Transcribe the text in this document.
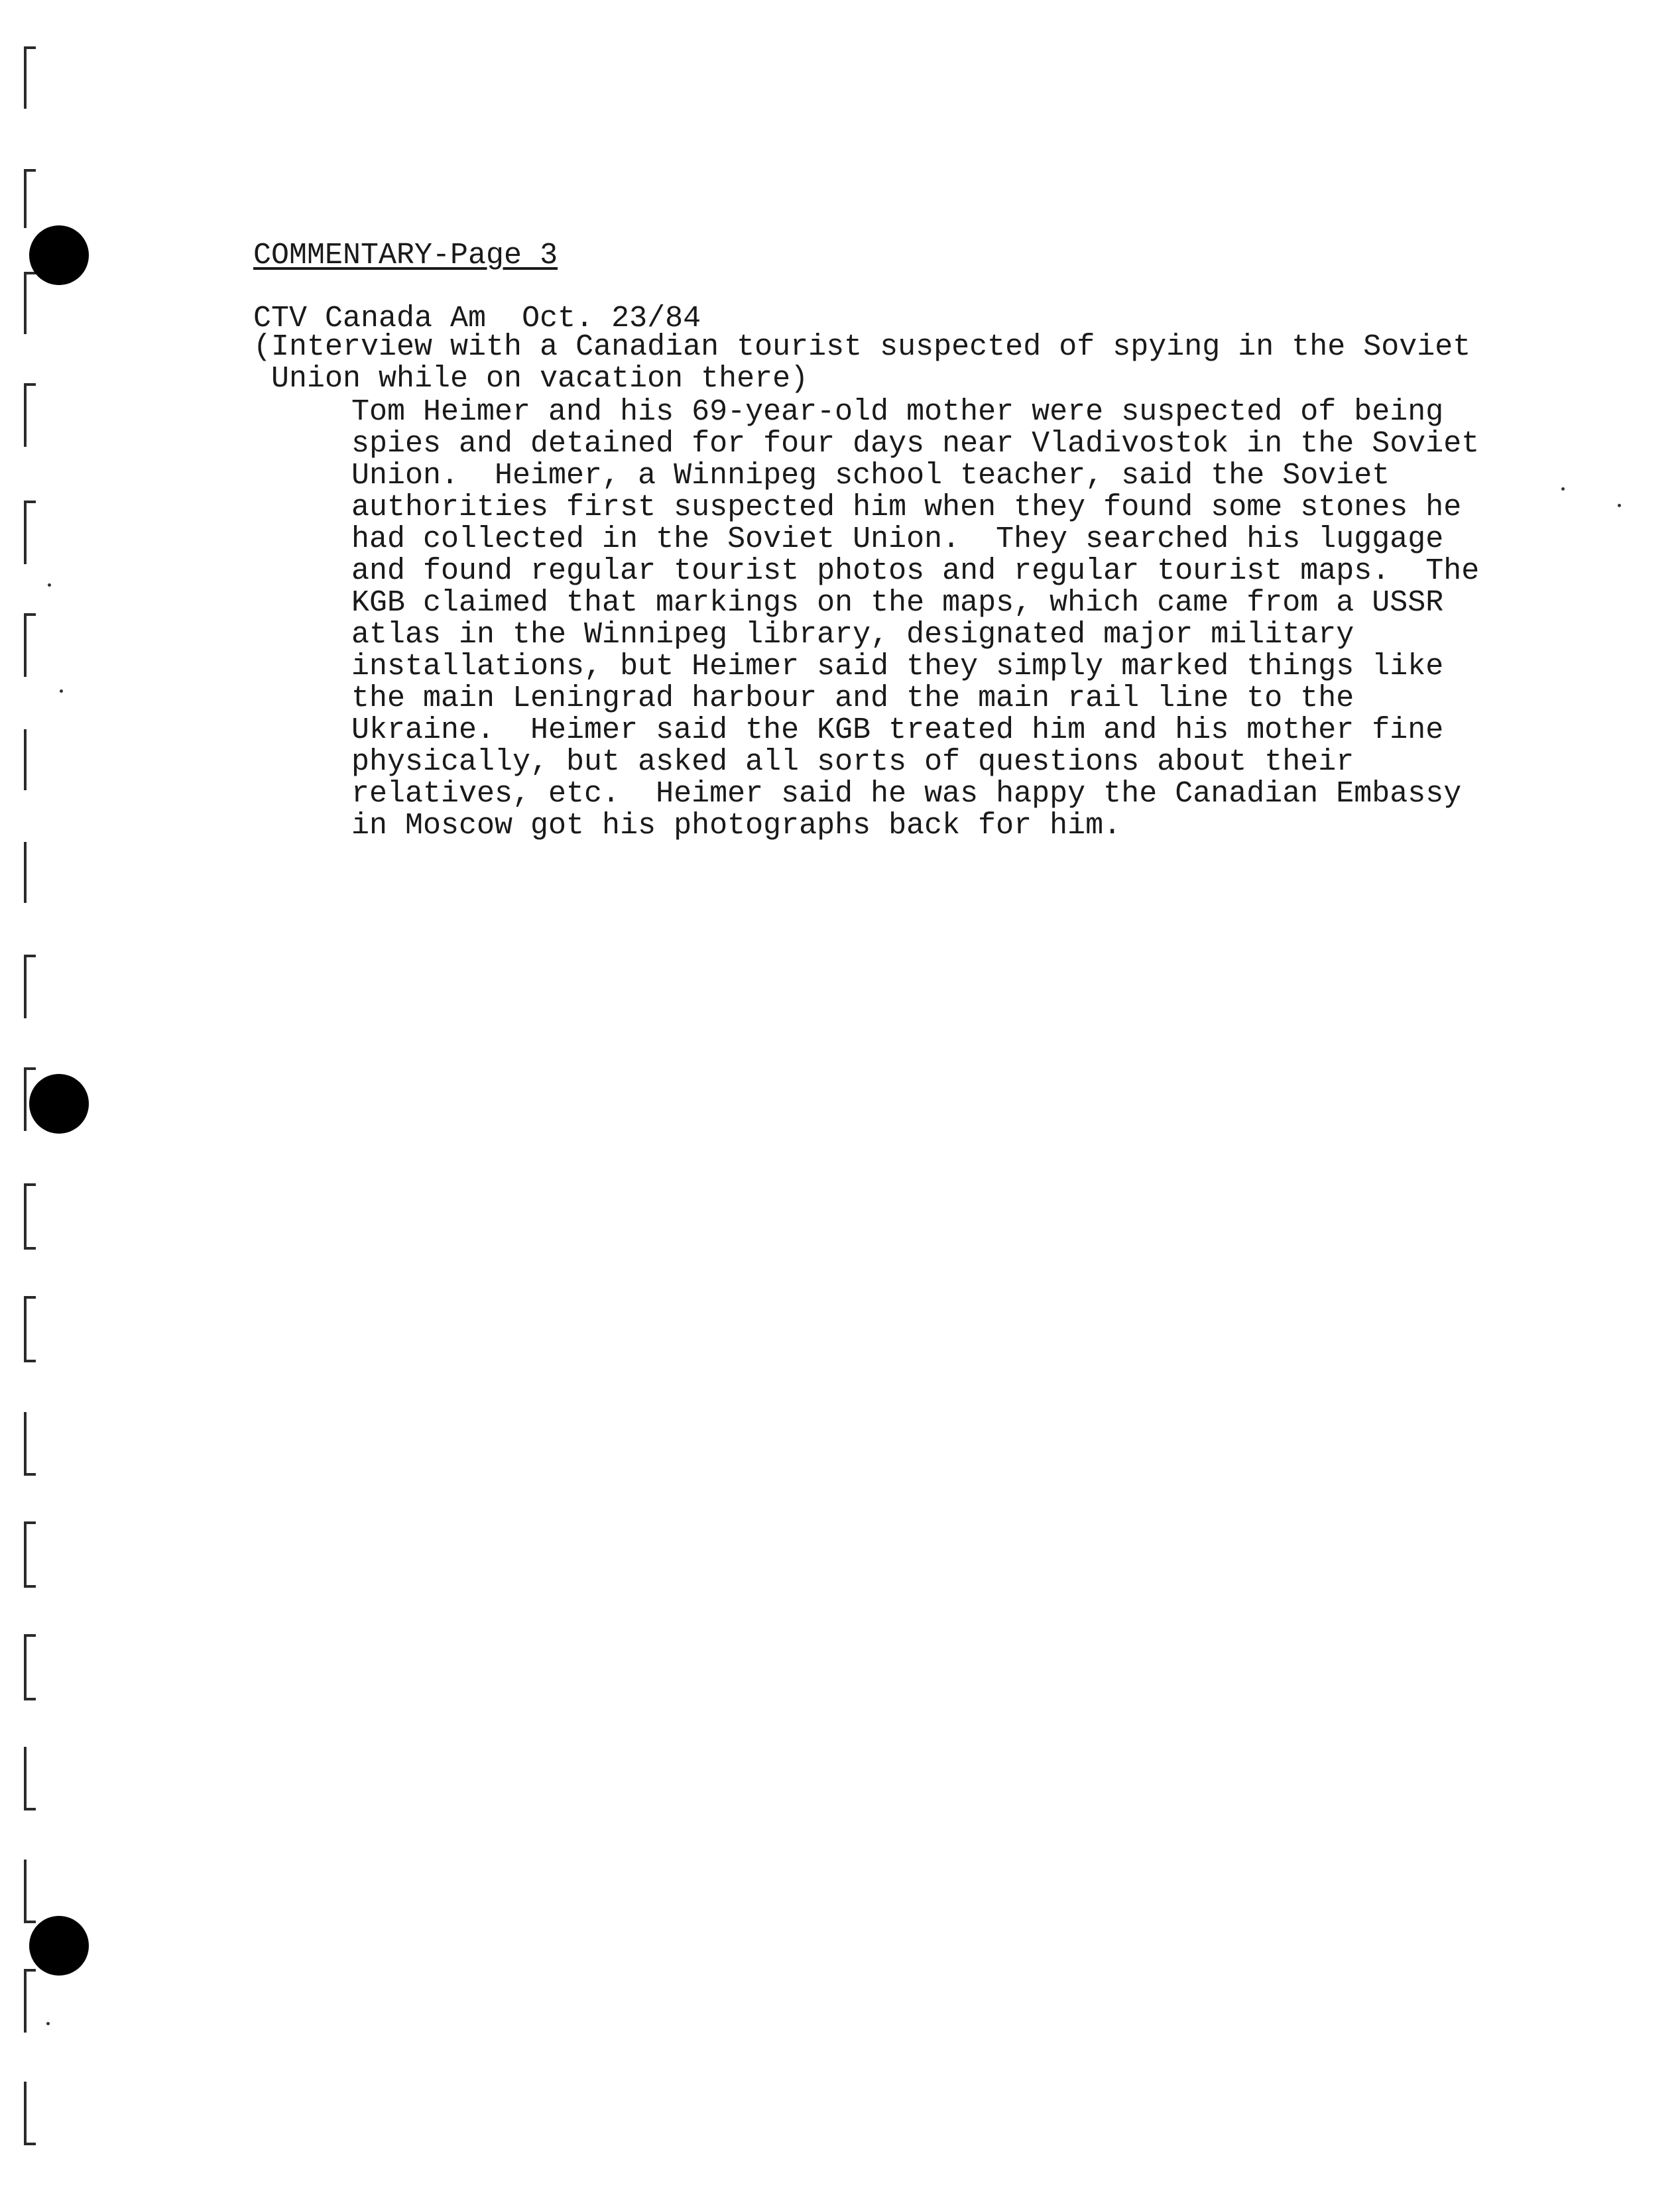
COMMENTARY-Page 3
CTV Canada Am  Oct. 23/84
(Interview with a Canadian tourist suspected of spying in the Soviet
Union while on vacation there)
Tom Heimer and his 69-year-old mother were suspected of being
spies and detained for four days near Vladivostok in the Soviet
Union.  Heimer, a Winnipeg school teacher, said the Soviet
authorities first suspected him when they found some stones he
had collected in the Soviet Union.  They searched his luggage
and found regular tourist photos and regular tourist maps.  The
KGB claimed that markings on the maps, which came from a USSR
atlas in the Winnipeg library, designated major military
installations, but Heimer said they simply marked things like
the main Leningrad harbour and the main rail line to the
Ukraine.  Heimer said the KGB treated him and his mother fine
physically, but asked all sorts of questions about their
relatives, etc.  Heimer said he was happy the Canadian Embassy
in Moscow got his photographs back for him.
